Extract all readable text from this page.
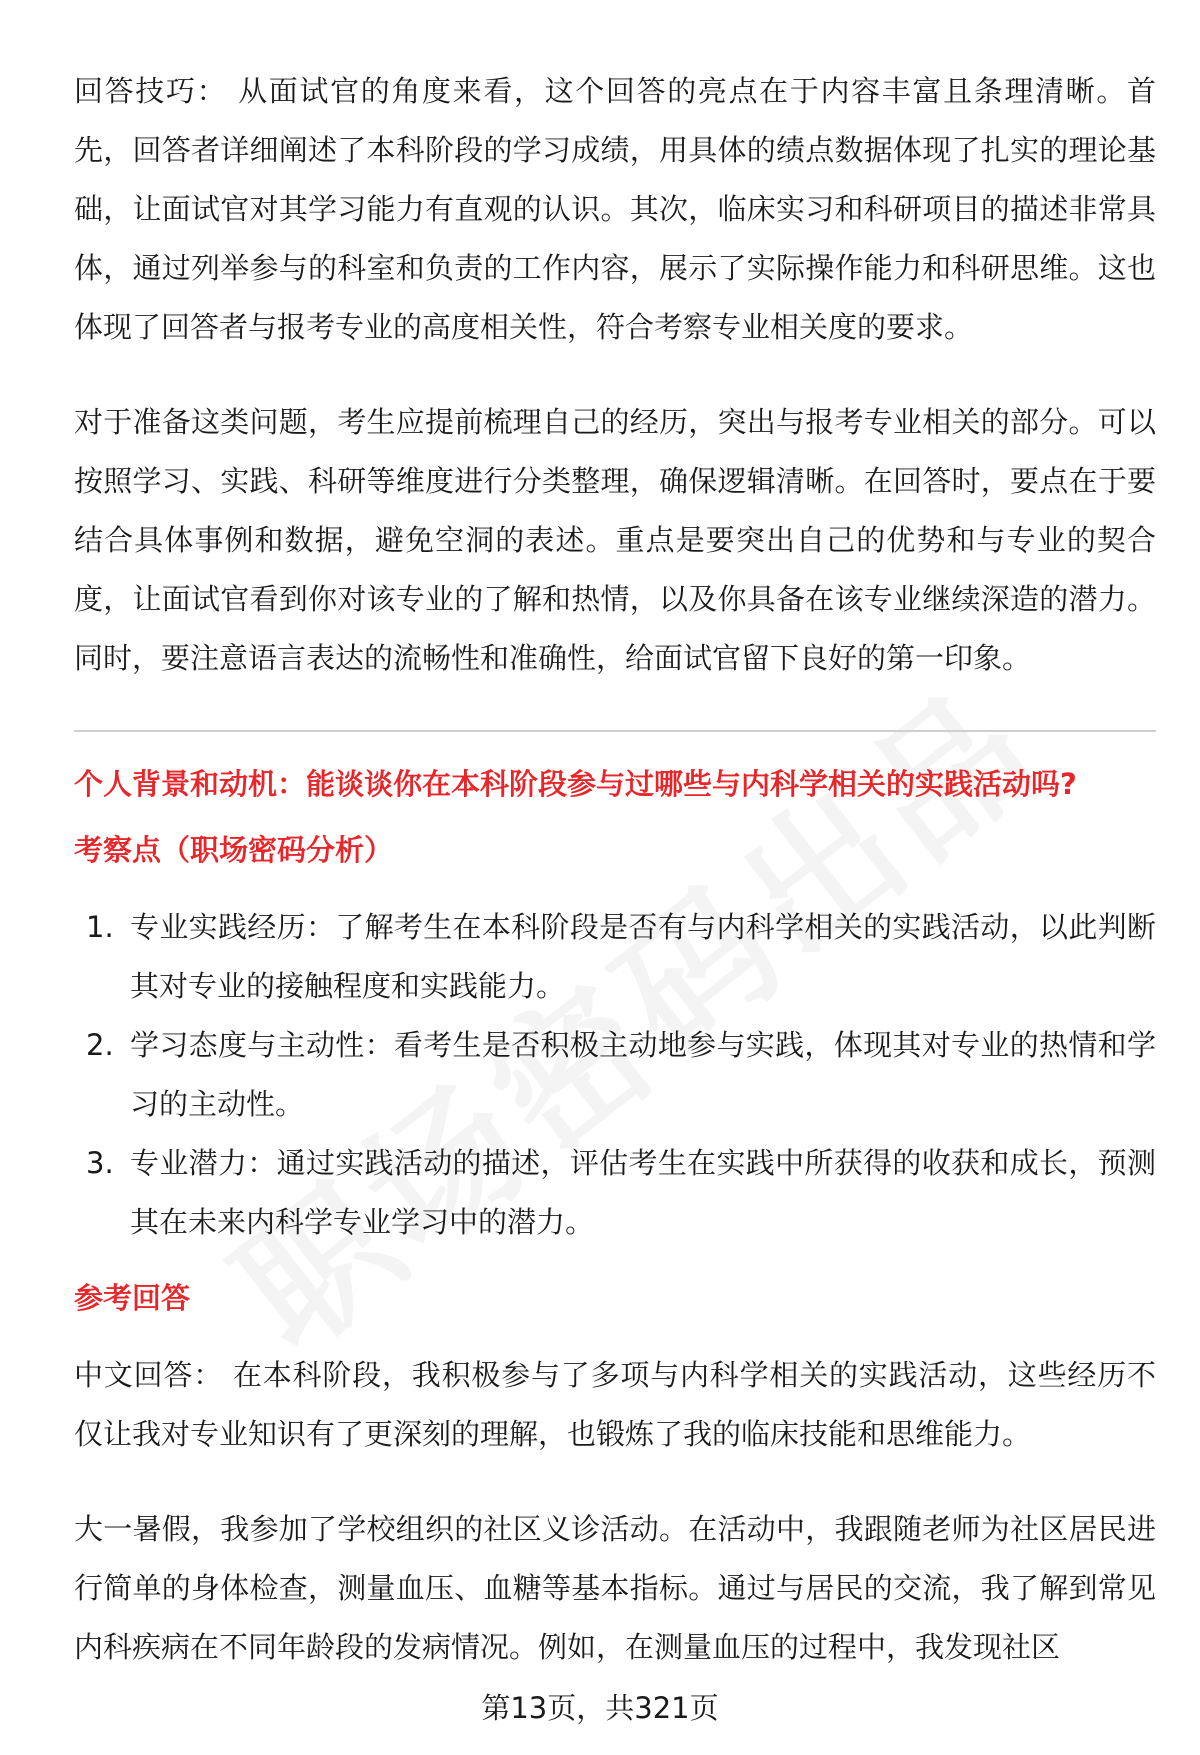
回答技巧： 从面试官的角度来看，这个回答的亮点在于内容丰富且条理清晰。首先，回答者详细阐述了本科阶段的学习成绩，用具体的绩点数据体现了扎实的理论基础，让面试官对其学习能力有直观的认识。其次，临床实习和科研项目的描述非常具体，通过列举参与的科室和负责的工作内容，展示了实际操作能力和科研思维。这也体现了回答者与报考专业的高度相关性，符合考察专业相关度的要求。

对于准备这类问题，考生应提前梳理自己的经历，突出与报考专业相关的部分。可以按照学习、实践、科研等维度进行分类整理，确保逻辑清晰。在回答时，要点在于要结合具体事例和数据，避免空洞的表述。重点是要突出自己的优势和与专业的契合度，让面试官看到你对该专业的了解和热情，以及你具备在该专业继续深造的潜力。同时，要注意语言表达的流畅性和准确性，给面试官留下良好的第一印象。

个人背景和动机：能谈谈你在本科阶段参与过哪些与内科学相关的实践活动吗?
考察点（职场密码分析）
1. 专业实践经历：了解考生在本科阶段是否有与内科学相关的实践活动，以此判断其对专业的接触程度和实践能力。
2. 学习态度与主动性：看考生是否积极主动地参与实践，体现其对专业的热情和学习的主动性。
3. 专业潜力：通过实践活动的描述，评估考生在实践中所获得的收获和成长，预测其在未来内科学专业学习中的潜力。
参考回答

中文回答： 在本科阶段，我积极参与了多项与内科学相关的实践活动，这些经历不仅让我对专业知识有了更深刻的理解，也锻炼了我的临床技能和思维能力。

大一暑假，我参加了学校组织的社区义诊活动。在活动中，我跟随老师为社区居民进行简单的身体检查，测量血压、血糖等基本指标。通过与居民的交流，我了解到常见内科疾病在不同年龄段的发病情况。例如，在测量血压的过程中，我发现社区

第13页，共321页
